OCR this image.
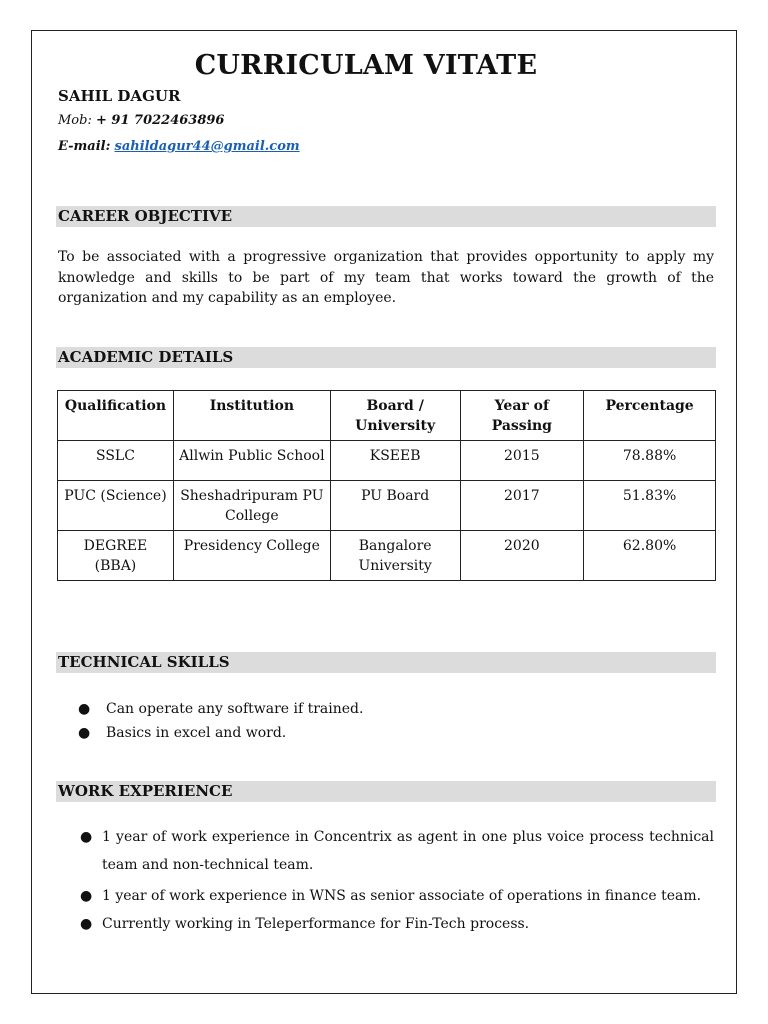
CURRICULAM VITATE
SAHIL DAGUR
Mob: + 91 7022463896
E-mail: sahildagur44@gmail.com
CAREER OBJECTIVE
To be associated with a progressive organization that provides opportunity to apply my knowledge and skills to be part of my team that works toward the growth of the organization and my capability as an employee.
ACADEMIC DETAILS
Qualification	Institution	Board / University	Year of Passing	Percentage
SSLC	Allwin Public School	KSEEB	2015	78.88%
PUC (Science)	Sheshadripuram PU College	PU Board	2017	51.83%
DEGREE (BBA)	Presidency College	Bangalore University	2020	62.80%
TECHNICAL SKILLS
● Can operate any software if trained.
● Basics in excel and word.
WORK EXPERIENCE
● 1 year of work experience in Concentrix as agent in one plus voice process technical team and non-technical team.
● 1 year of work experience in WNS as senior associate of operations in finance team.
● Currently working in Teleperformance for Fin-Tech process.
